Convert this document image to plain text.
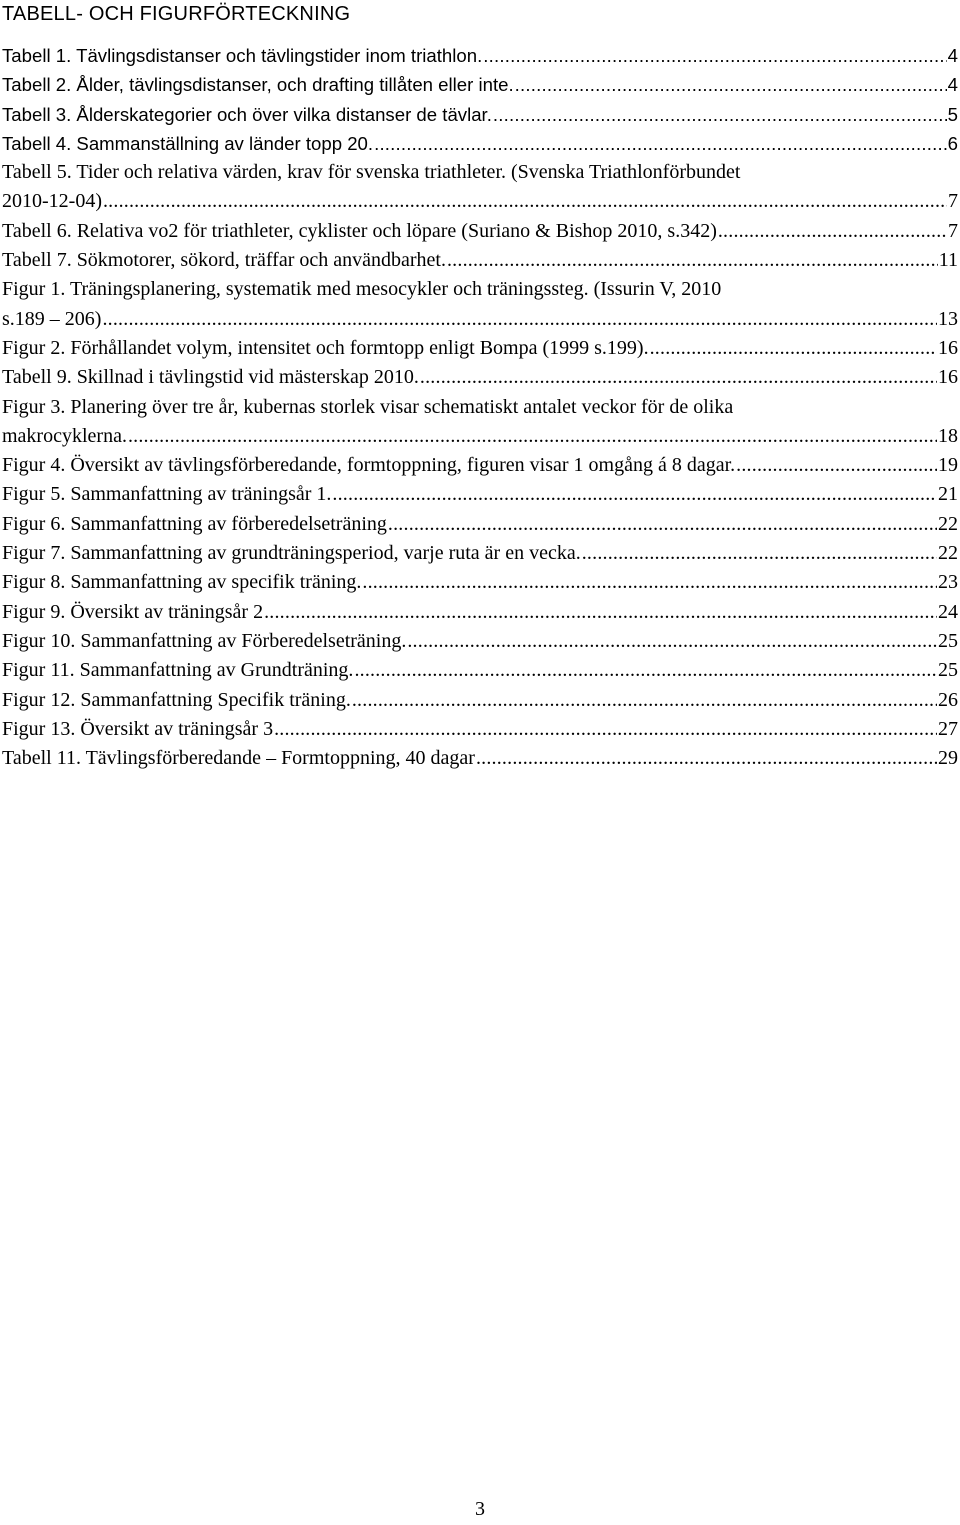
TABELL- OCH FIGURFÖRTECKNING
Tabell 1. Tävlingsdistanser och tävlingstider inom triathlon. .....	4
Tabell 2. Ålder, tävlingsdistanser, och drafting tillåten eller inte. .....	4
Tabell 3. Ålderskategorier och över vilka distanser de tävlar. .....	5
Tabell 4. Sammanställning av länder topp 20. .....	6
Tabell 5. Tider och relativa värden, krav för svenska triathleter. (Svenska Triathlonförbundet
2010-12-04) .....	7
Tabell 6. Relativa vo2 för triathleter, cyklister och löpare (Suriano & Bishop 2010, s.342) .....	7
Tabell 7. Sökmotorer, sökord, träffar och användbarhet. .....	11
Figur 1. Träningsplanering, systematik med mesocykler och träningssteg. (Issurin V, 2010
s.189 – 206) .....	13
Figur 2. Förhållandet volym, intensitet och formtopp enligt Bompa (1999 s.199). .....	16
Tabell 9. Skillnad i tävlingstid vid mästerskap 2010. .....	16
Figur 3. Planering över tre år, kubernas storlek visar schematiskt antalet veckor för de olika
makrocyklerna. .....	18
Figur 4. Översikt av tävlingsförberedande, formtoppning, figuren visar 1 omgång á 8 dagar. .....	19
Figur 5. Sammanfattning av träningsår 1. .....	21
Figur 6. Sammanfattning av förberedelseträning .....	22
Figur 7. Sammanfattning av grundträningsperiod, varje ruta är en vecka. .....	22
Figur 8. Sammanfattning av specifik träning. .....	23
Figur 9. Översikt av träningsår 2 .....	24
Figur 10. Sammanfattning av Förberedelseträning. .....	25
Figur 11. Sammanfattning av Grundträning. .....	25
Figur 12. Sammanfattning Specifik träning. .....	26
Figur 13. Översikt av träningsår 3 .....	27
Tabell 11. Tävlingsförberedande – Formtoppning, 40 dagar .....	29
3
